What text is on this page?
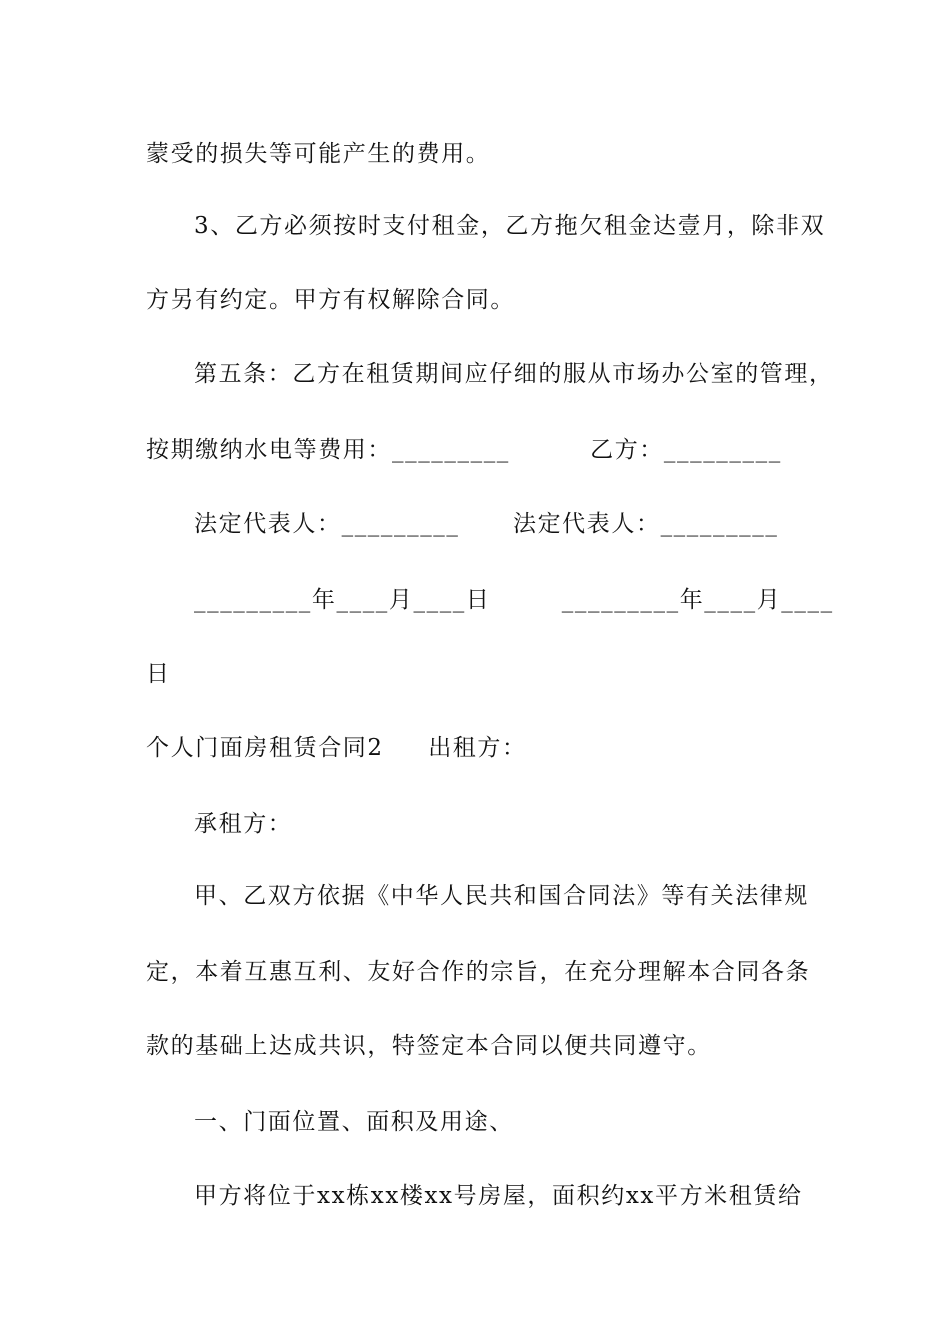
蒙受的损失等可能产生的费用。
3、乙方必须按时支付租金，乙方拖欠租金达壹月，除非双
方另有约定。甲方有权解除合同。
第五条：乙方在租赁期间应仔细的服从市场办公室的管理，
按期缴纳水电等费用：_________         乙方：_________
法定代表人：_________      法定代表人：_________
_________年____月____日        _________年____月____
日
个人门面房租赁合同2     出租方：
承租方：
甲、乙双方依据《中华人民共和国合同法》等有关法律规
定，本着互惠互利、友好合作的宗旨，在充分理解本合同各条
款的基础上达成共识，特签定本合同以便共同遵守。
一、门面位置、面积及用途、
甲方将位于xx栋xx楼xx号房屋，面积约xx平方米租赁给
